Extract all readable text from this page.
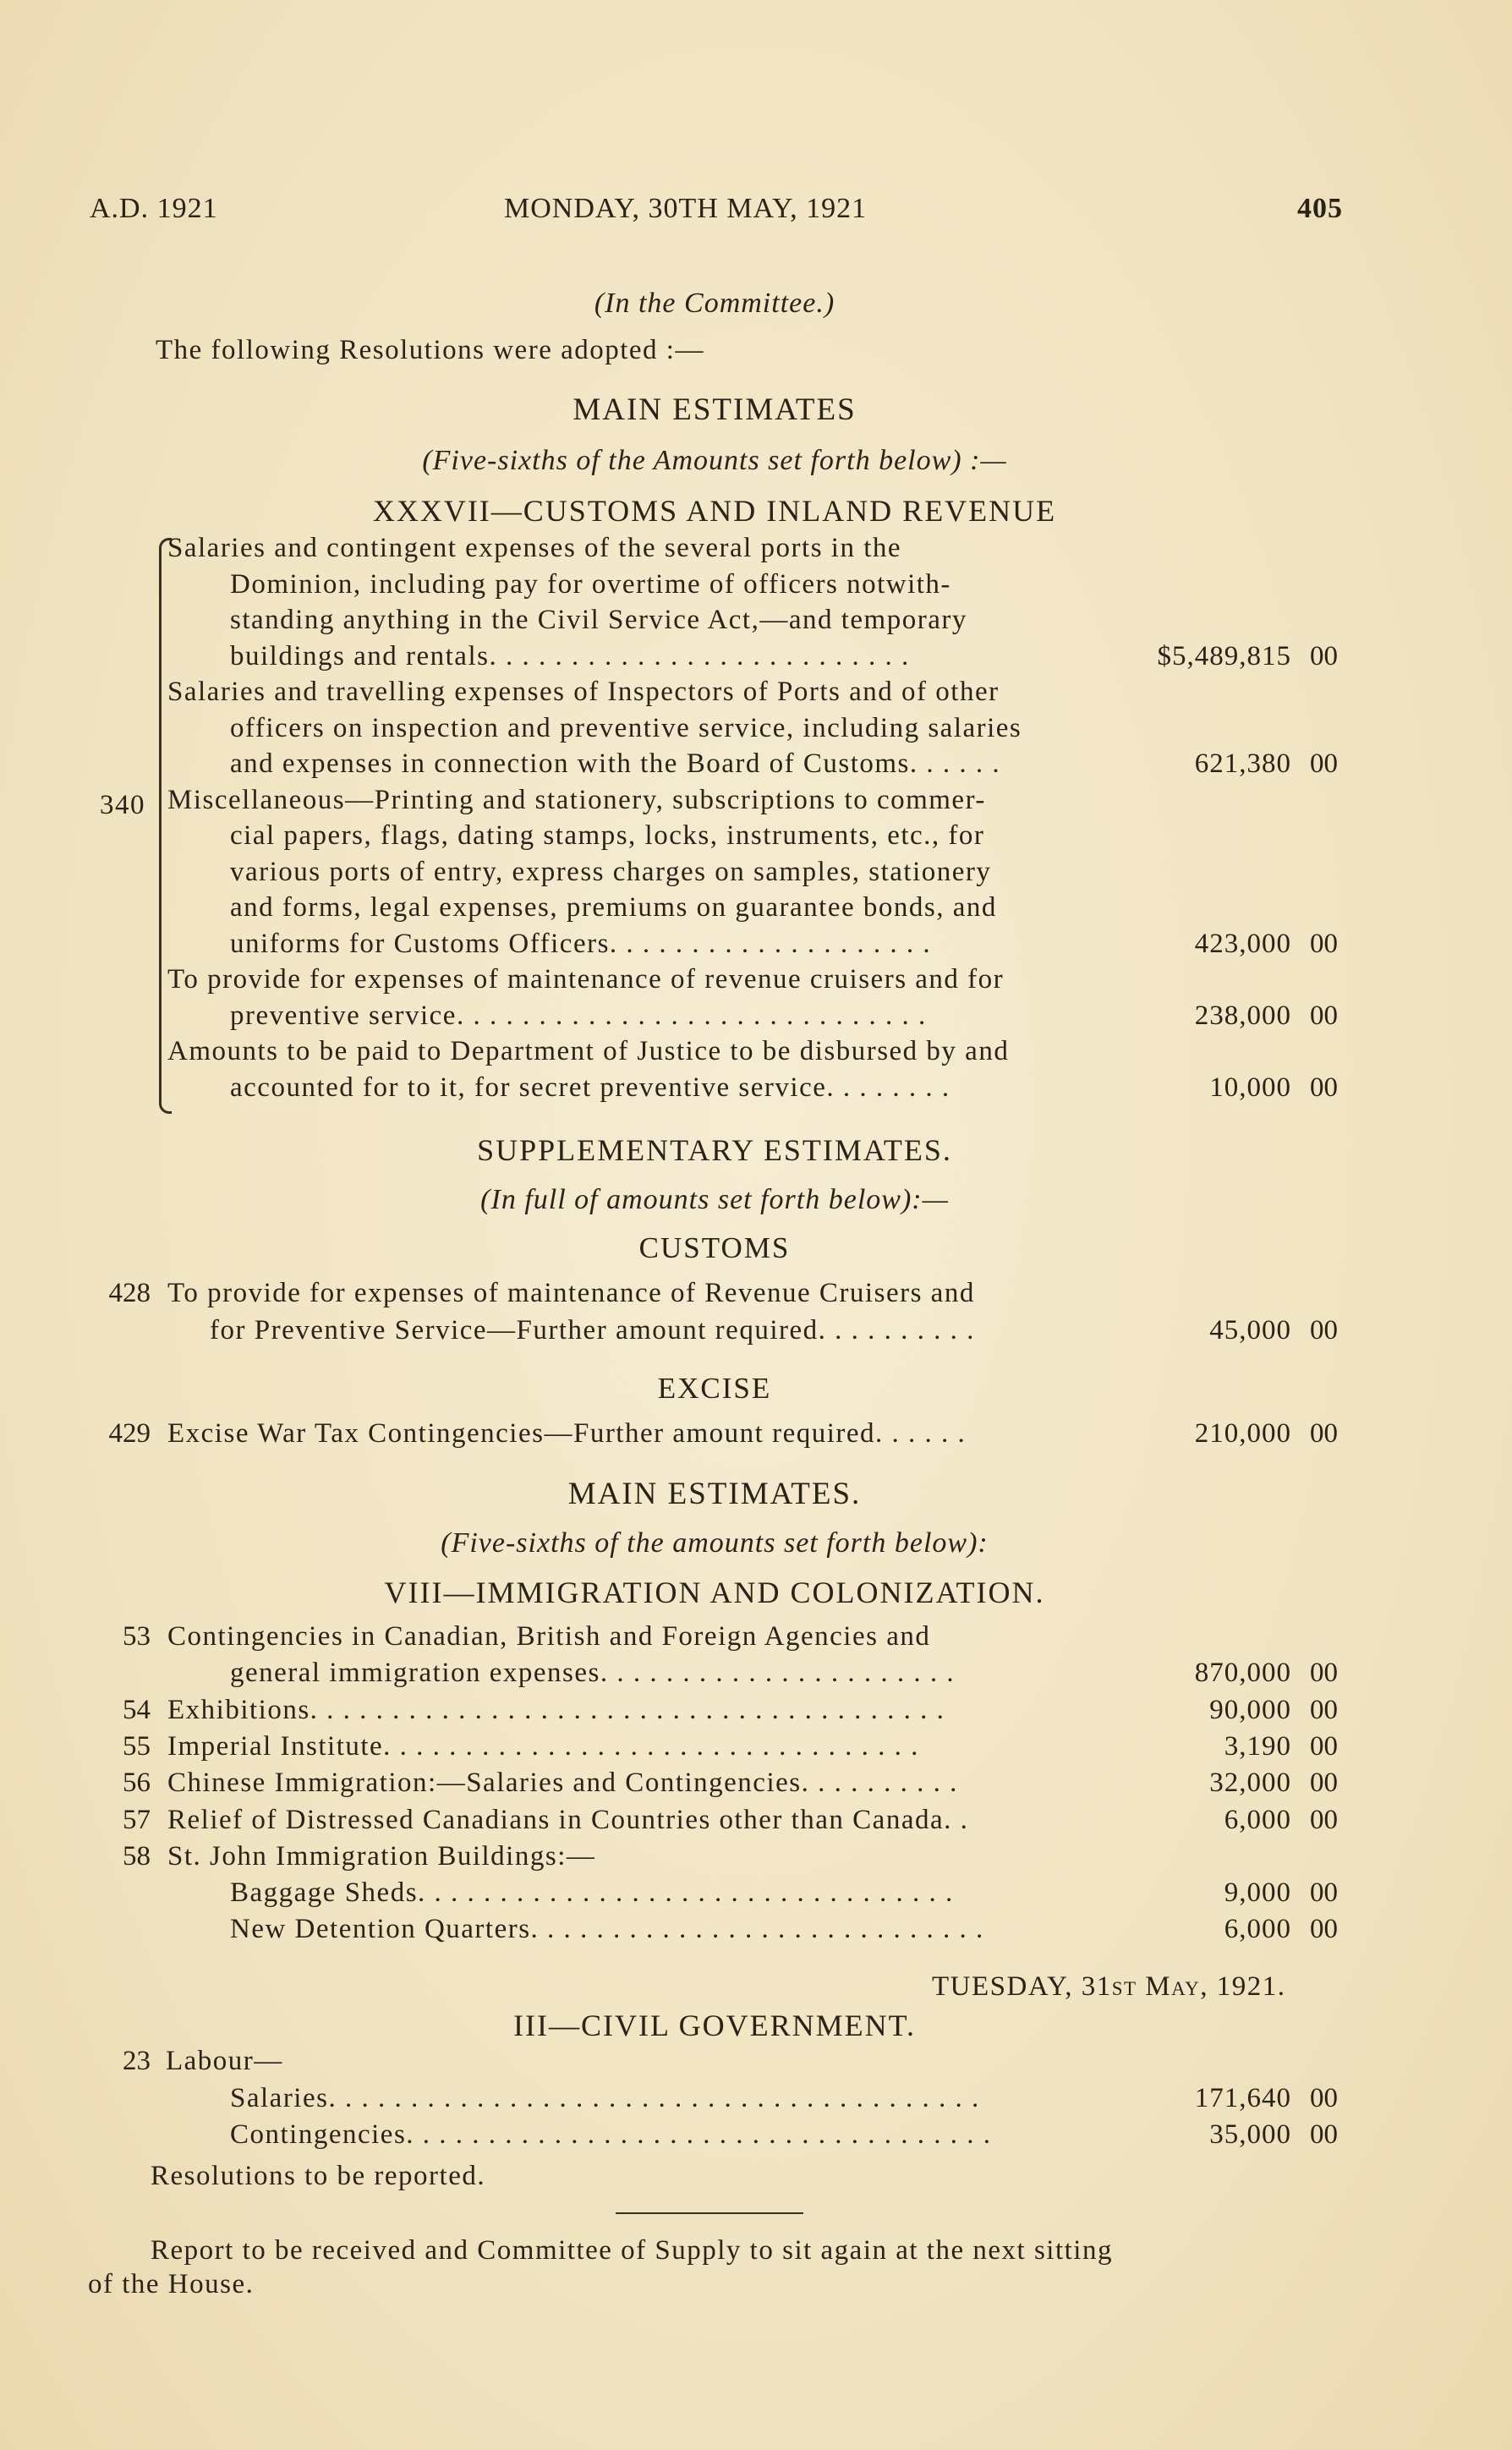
A.D. 1921	MONDAY, 30TH MAY, 1921	405
(In the Committee.)
The following Resolutions were adopted :—
MAIN ESTIMATES
(Five-sixths of the Amounts set forth below) :—
XXXVII—CUSTOMS AND INLAND REVENUE
340
Salaries and contingent expenses of the several ports in the
Dominion, including pay for overtime of officers notwith-
standing anything in the Civil Service Act,—and temporary
buildings and rentals. . . . . . . . . . . . . . . . . . . . . . . . . .	$5,489,815 00
Salaries and travelling expenses of Inspectors of Ports and of other
officers on inspection and preventive service, including salaries
and expenses in connection with the Board of Customs. . . . . .	621,380 00
Miscellaneous—Printing and stationery, subscriptions to commer-
cial papers, flags, dating stamps, locks, instruments, etc., for
various ports of entry, express charges on samples, stationery
and forms, legal expenses, premiums on guarantee bonds, and
uniforms for Customs Officers. . . . . . . . . . . . . . . . . . . .	423,000 00
To provide for expenses of maintenance of revenue cruisers and for
preventive service. . . . . . . . . . . . . . . . . . . . . . . . . . . . .	238,000 00
Amounts to be paid to Department of Justice to be disbursed by and
accounted for to it, for secret preventive service. . . . . . . .	10,000 00
SUPPLEMENTARY ESTIMATES.
(In full of amounts set forth below):—
CUSTOMS
428 To provide for expenses of maintenance of Revenue Cruisers and
for Preventive Service—Further amount required. . . . . . . . . .	45,000 00
EXCISE
429 Excise War Tax Contingencies—Further amount required. . . . . .	210,000 00
MAIN ESTIMATES.
(Five-sixths of the amounts set forth below):
VIII—IMMIGRATION AND COLONIZATION.
53 Contingencies in Canadian, British and Foreign Agencies and
general immigration expenses. . . . . . . . . . . . . . . . . . . . . .	870,000 00
54 Exhibitions. . . . . . . . . . . . . . . . . . . . . . . . . . . . . . . . . . . . . . .	90,000 00
55 Imperial Institute. . . . . . . . . . . . . . . . . . . . . . . . . . . . . . . . .	3,190 00
56 Chinese Immigration:—Salaries and Contingencies. . . . . . . . . .	32,000 00
57 Relief of Distressed Canadians in Countries other than Canada. .	6,000 00
58 St. John Immigration Buildings:—
Baggage Sheds. . . . . . . . . . . . . . . . . . . . . . . . . . . . . . . . .	9,000 00
New Detention Quarters. . . . . . . . . . . . . . . . . . . . . . . . . . . .	6,000 00
TUESDAY, 31st May, 1921.
III—CIVIL GOVERNMENT.
23 Labour—
Salaries. . . . . . . . . . . . . . . . . . . . . . . . . . . . . . . . . . . . . . . .	171,640 00
Contingencies. . . . . . . . . . . . . . . . . . . . . . . . . . . . . . . . . . . .	35,000 00
Resolutions to be reported.
Report to be received and Committee of Supply to sit again at the next sitting
of the House.
